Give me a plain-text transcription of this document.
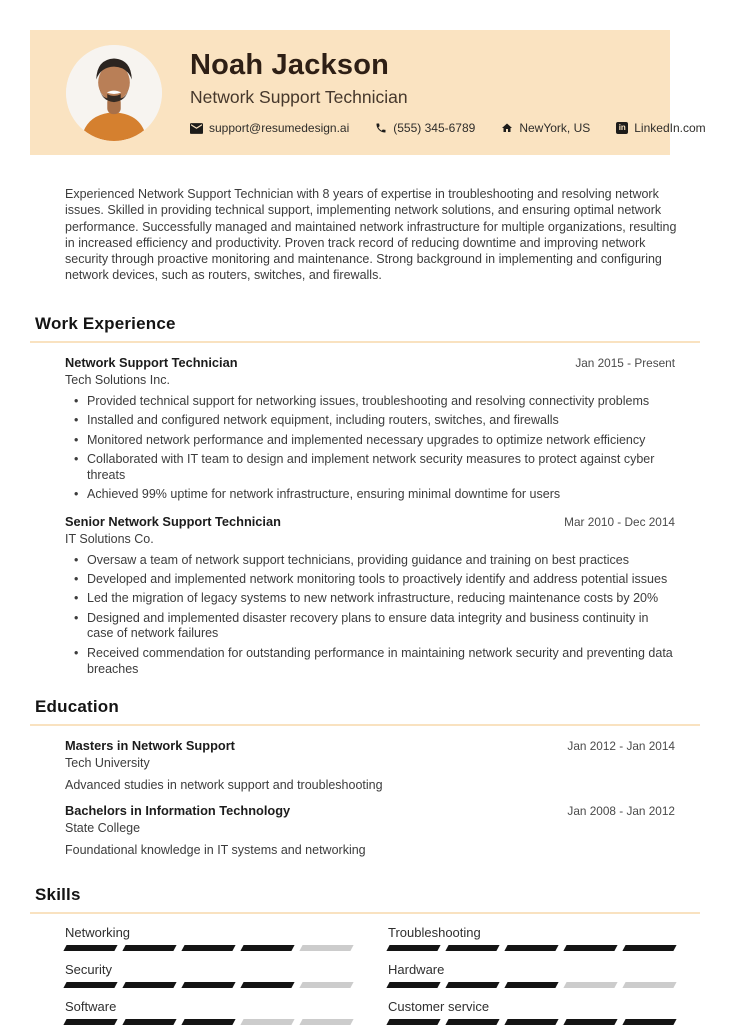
Noah Jackson
Network Support Technician
support@resumedesign.ai	(555) 345-6789	NewYork, US	in LinkedIn.com

Experienced Network Support Technician with 8 years of expertise in troubleshooting and resolving network issues. Skilled in providing technical support, implementing network solutions, and ensuring optimal network performance. Successfully managed and maintained network infrastructure for multiple organizations, resulting in increased efficiency and productivity. Proven track record of reducing downtime and improving network security through proactive monitoring and maintenance. Strong background in implementing and configuring network devices, such as routers, switches, and firewalls.

Work Experience
Network Support Technician	Jan 2015 - Present
Tech Solutions Inc.
• Provided technical support for networking issues, troubleshooting and resolving connectivity problems
• Installed and configured network equipment, including routers, switches, and firewalls
• Monitored network performance and implemented necessary upgrades to optimize network efficiency
• Collaborated with IT team to design and implement network security measures to protect against cyber threats
• Achieved 99% uptime for network infrastructure, ensuring minimal downtime for users
Senior Network Support Technician	Mar 2010 - Dec 2014
IT Solutions Co.
• Oversaw a team of network support technicians, providing guidance and training on best practices
• Developed and implemented network monitoring tools to proactively identify and address potential issues
• Led the migration of legacy systems to new network infrastructure, reducing maintenance costs by 20%
• Designed and implemented disaster recovery plans to ensure data integrity and business continuity in case of network failures
• Received commendation for outstanding performance in maintaining network security and preventing data breaches
Education
Masters in Network Support	Jan 2012 - Jan 2014
Tech University
Advanced studies in network support and troubleshooting
Bachelors in Information Technology	Jan 2008 - Jan 2012
State College
Foundational knowledge in IT systems and networking
Skills
Networking	Troubleshooting
Security	Hardware
Software	Customer service
